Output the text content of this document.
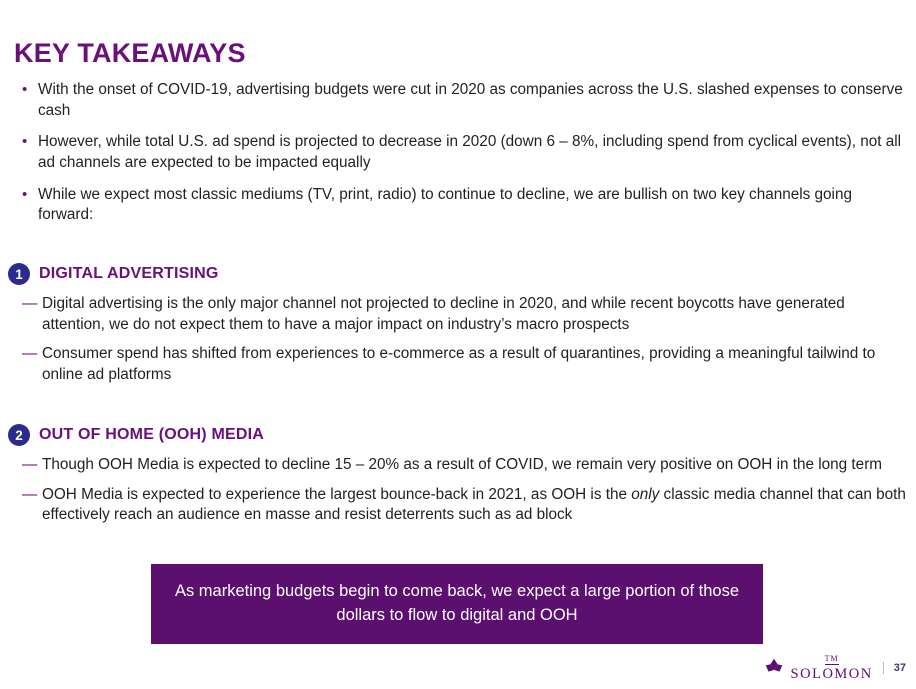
KEY TAKEAWAYS
• With the onset of COVID-19, advertising budgets were cut in 2020 as companies across the U.S. slashed expenses to conserve cash
• However, while total U.S. ad spend is projected to decrease in 2020 (down 6 – 8%, including spend from cyclical events), not all ad channels are expected to be impacted equally
• While we expect most classic mediums (TV, print, radio) to continue to decline, we are bullish on two key channels going forward:
1	DIGITAL ADVERTISING
— Digital advertising is the only major channel not projected to decline in 2020, and while recent boycotts have generated attention, we do not expect them to have a major impact on industry’s macro prospects
— Consumer spend has shifted from experiences to e-commerce as a result of quarantines, providing a meaningful tailwind to online ad platforms
2	OUT OF HOME (OOH) MEDIA
— Though OOH Media is expected to decline 15 – 20% as a result of COVID, we remain very positive on OOH in the long term
— OOH Media is expected to experience the largest bounce-back in 2021, as OOH is the only classic media channel that can both effectively reach an audience en masse and resist deterrents such as ad block
As marketing budgets begin to come back, we expect a large portion of those dollars to flow to digital and OOH
TM
SOLOMON	37
